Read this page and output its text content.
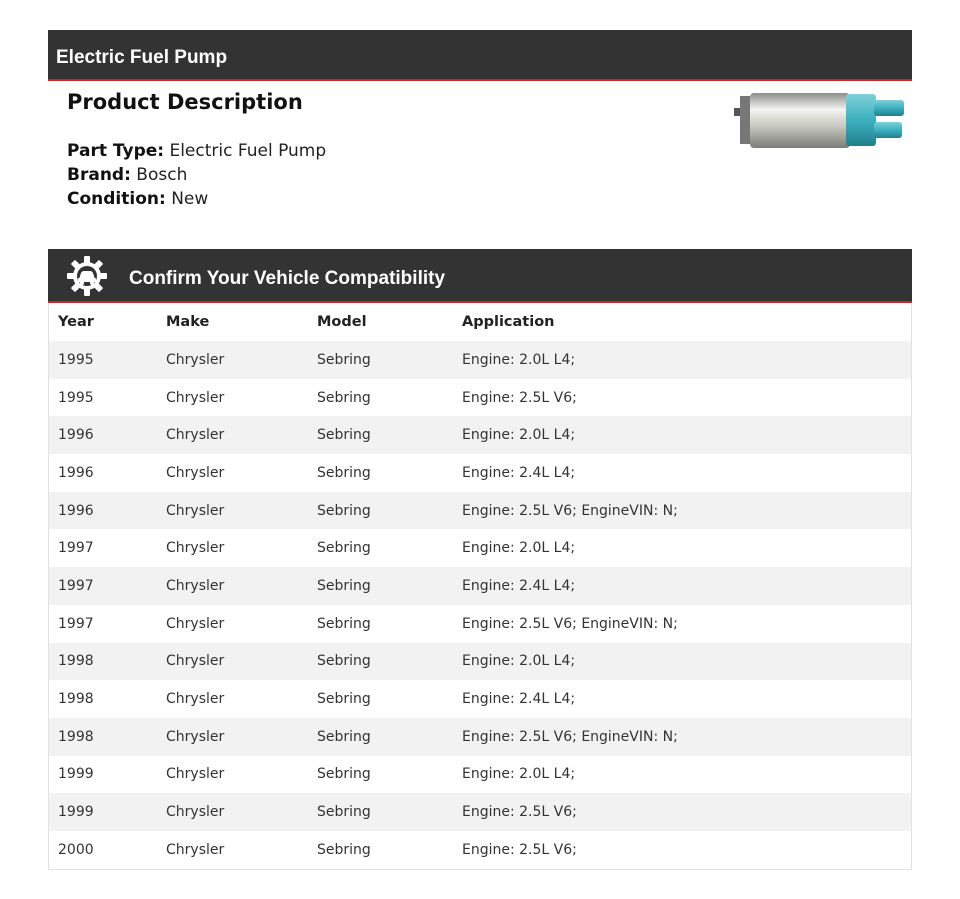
Electric Fuel Pump
Product Description
Part Type: Electric Fuel Pump
Brand: Bosch
Condition: New
Confirm Your Vehicle Compatibility
Year	Make	Model	Application
1995	Chrysler	Sebring	Engine: 2.0L L4;
1995	Chrysler	Sebring	Engine: 2.5L V6;
1996	Chrysler	Sebring	Engine: 2.0L L4;
1996	Chrysler	Sebring	Engine: 2.4L L4;
1996	Chrysler	Sebring	Engine: 2.5L V6; EngineVIN: N;
1997	Chrysler	Sebring	Engine: 2.0L L4;
1997	Chrysler	Sebring	Engine: 2.4L L4;
1997	Chrysler	Sebring	Engine: 2.5L V6; EngineVIN: N;
1998	Chrysler	Sebring	Engine: 2.0L L4;
1998	Chrysler	Sebring	Engine: 2.4L L4;
1998	Chrysler	Sebring	Engine: 2.5L V6; EngineVIN: N;
1999	Chrysler	Sebring	Engine: 2.0L L4;
1999	Chrysler	Sebring	Engine: 2.5L V6;
2000	Chrysler	Sebring	Engine: 2.5L V6;
